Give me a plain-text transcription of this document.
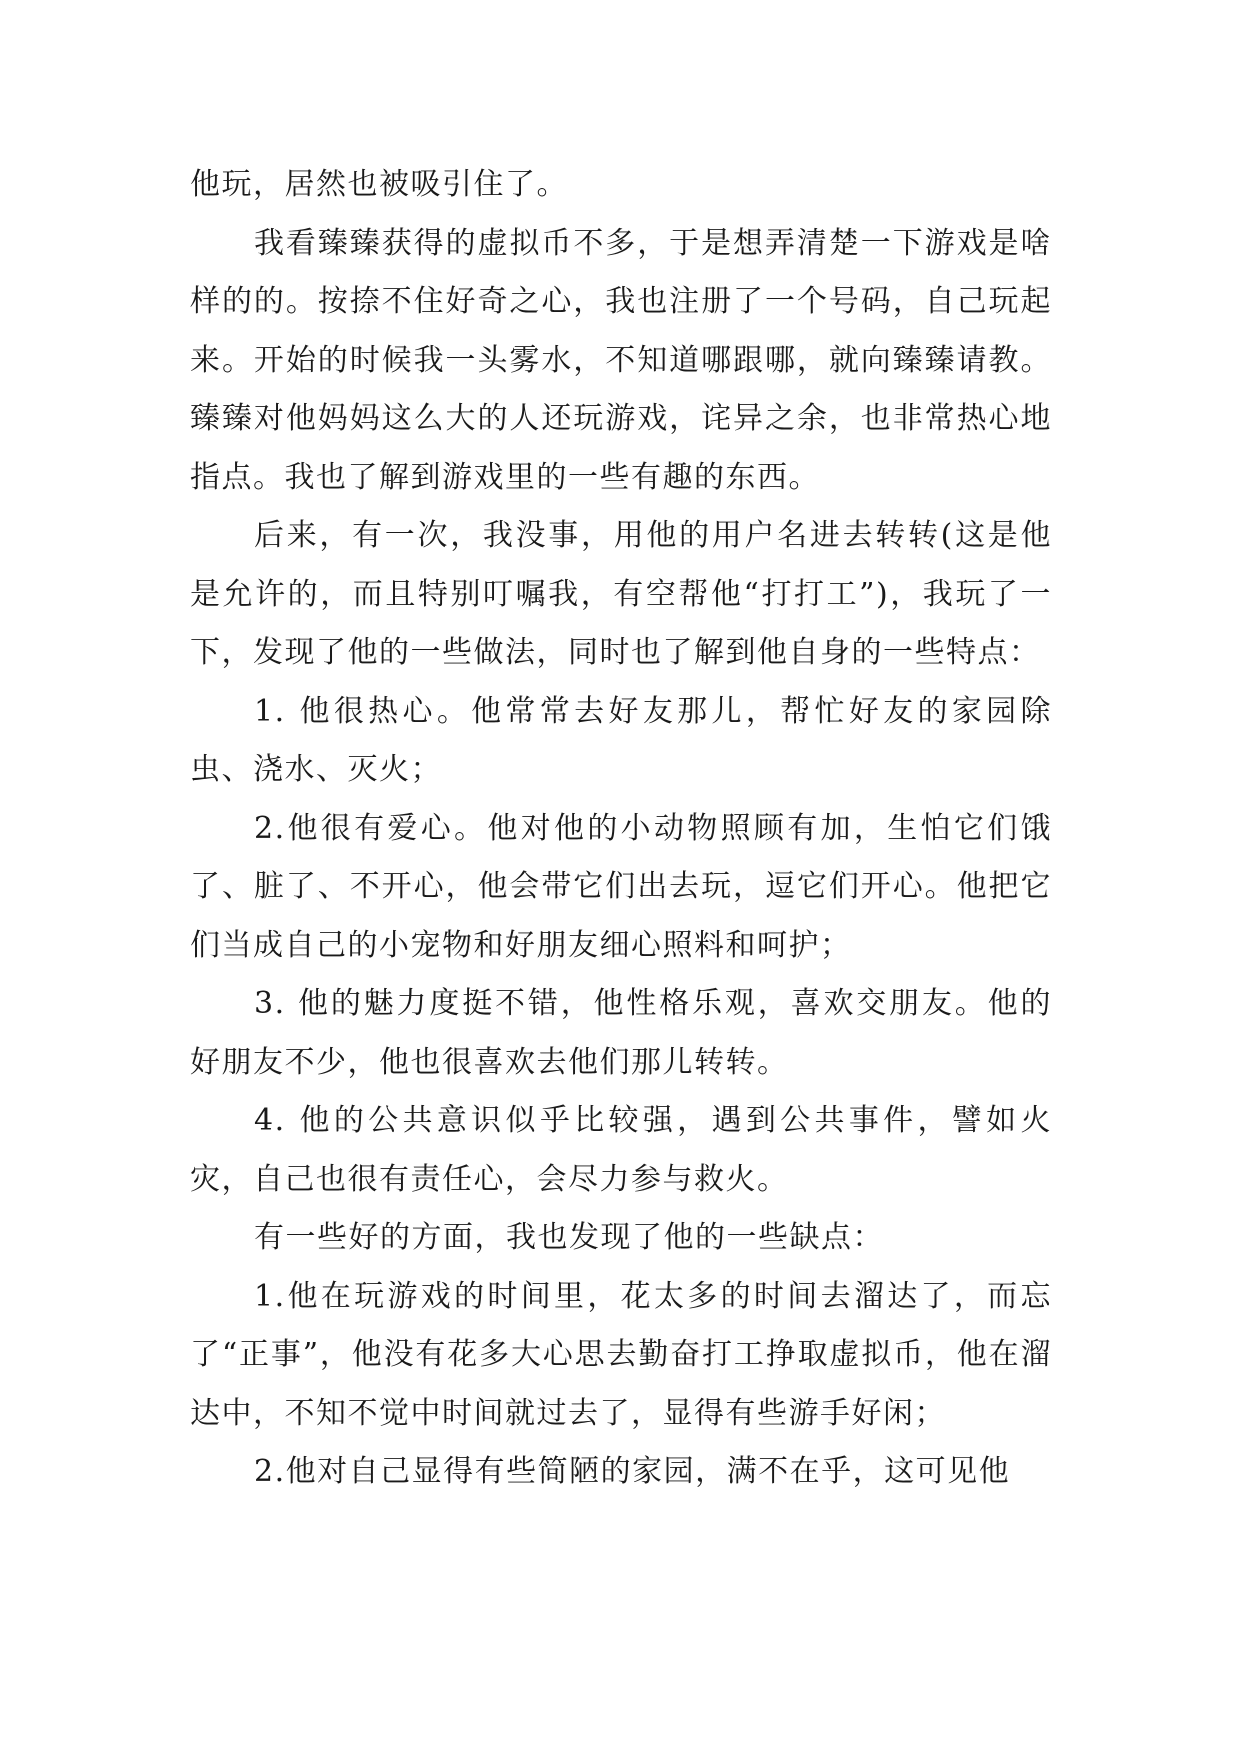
他玩，居然也被吸引住了。

我看臻臻获得的虚拟币不多，于是想弄清楚一下游戏是啥样的的。按捺不住好奇之心，我也注册了一个号码，自己玩起来。开始的时候我一头雾水，不知道哪跟哪，就向臻臻请教。臻臻对他妈妈这么大的人还玩游戏，诧异之余，也非常热心地指点。我也了解到游戏里的一些有趣的东西。

后来，有一次，我没事，用他的用户名进去转转(这是他是允许的，而且特别叮嘱我，有空帮他“打打工”)，我玩了一下，发现了他的一些做法，同时也了解到他自身的一些特点：

1. 他很热心。他常常去好友那儿，帮忙好友的家园除虫、浇水、灭火；

2.他很有爱心。他对他的小动物照顾有加，生怕它们饿了、脏了、不开心，他会带它们出去玩，逗它们开心。他把它们当成自己的小宠物和好朋友细心照料和呵护；

3. 他的魅力度挺不错，他性格乐观，喜欢交朋友。他的好朋友不少，他也很喜欢去他们那儿转转。

4. 他的公共意识似乎比较强，遇到公共事件，譬如火灾，自己也很有责任心，会尽力参与救火。

有一些好的方面，我也发现了他的一些缺点：

1.他在玩游戏的时间里，花太多的时间去溜达了，而忘了“正事”，他没有花多大心思去勤奋打工挣取虚拟币，他在溜达中，不知不觉中时间就过去了，显得有些游手好闲；

2.他对自己显得有些简陋的家园，满不在乎，这可见他
